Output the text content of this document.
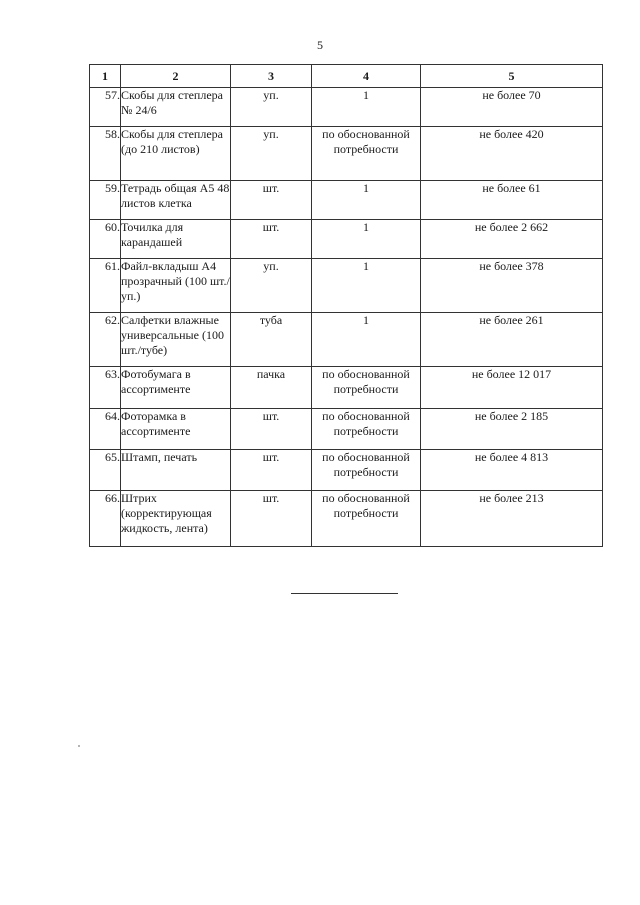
5
1	2	3	4	5
57.	Скобы для степлера № 24/6	уп.	1	не более 70
58.	Скобы для степлера (до 210 листов)	уп.	по обоснованной потребности	не более 420
59.	Тетрадь общая А5 48 листов клетка	шт.	1	не более 61
60.	Точилка для карандашей	шт.	1	не более 2 662
61.	Файл-вкладыш А4 прозрачный (100 шт./уп.)	уп.	1	не более 378
62.	Салфетки влажные универсальные (100 шт./тубе)	туба	1	не более 261
63.	Фотобумага в ассортименте	пачка	по обоснованной потребности	не более 12 017
64.	Фоторамка в ассортименте	шт.	по обоснованной потребности	не более 2 185
65.	Штамп, печать	шт.	по обоснованной потребности	не более 4 813
66.	Штрих (корректирующая жидкость, лента)	шт.	по обоснованной потребности	не более 213
